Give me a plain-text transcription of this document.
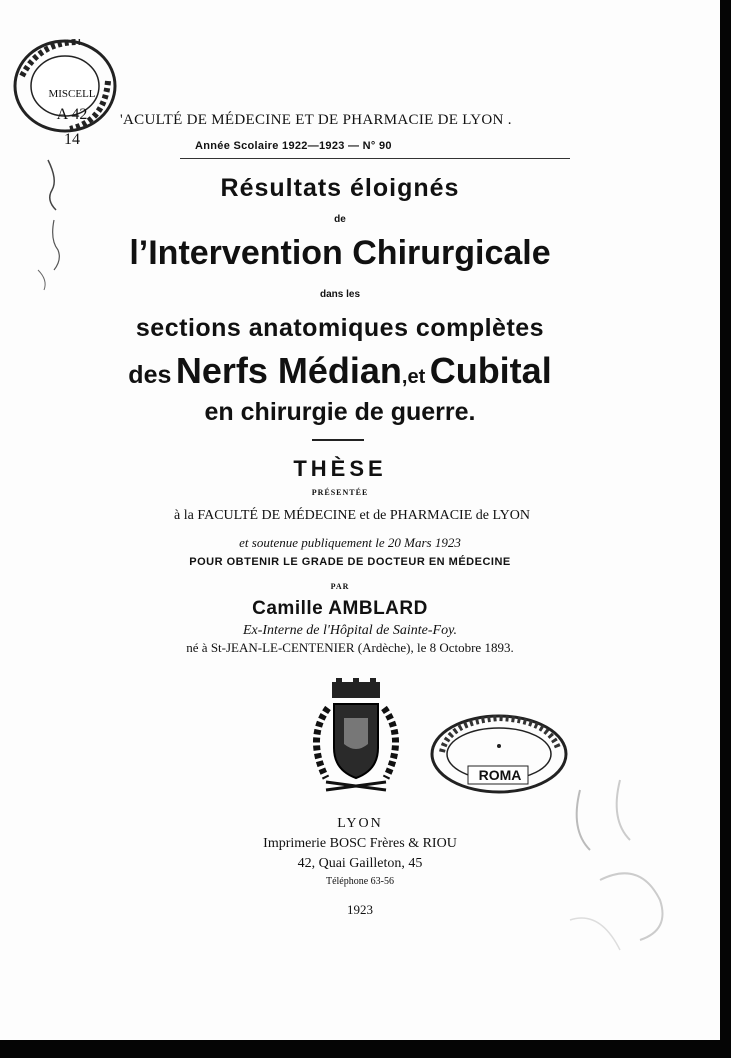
MISCELL
A 42
14
'ACULTÉ DE MÉDECINE ET DE PHARMACIE DE LYON .
Année Scolaire 1922—1923 — N° 90
Résultats éloignés
de
l’Intervention Chirurgicale
dans les
sections anatomiques complètes
des Nerfs Médian,et Cubital
en chirurgie de guerre.
THÈSE
PRÉSENTÉE
à la FACULTÉ DE MÉDECINE et de PHARMACIE de LYON
et soutenue publiquement le 20 Mars 1923
POUR OBTENIR LE GRADE DE DOCTEUR EN MÉDECINE
PAR
Camille AMBLARD
Ex-Interne de l'Hôpital de Sainte-Foy.
né à St-JEAN-LE-CENTENIER (Ardèche), le 8 Octobre 1893.
ROMA
LYON
Imprimerie BOSC Frères & RIOU
42, Quai Gailleton, 45
Téléphone 63-56
1923
